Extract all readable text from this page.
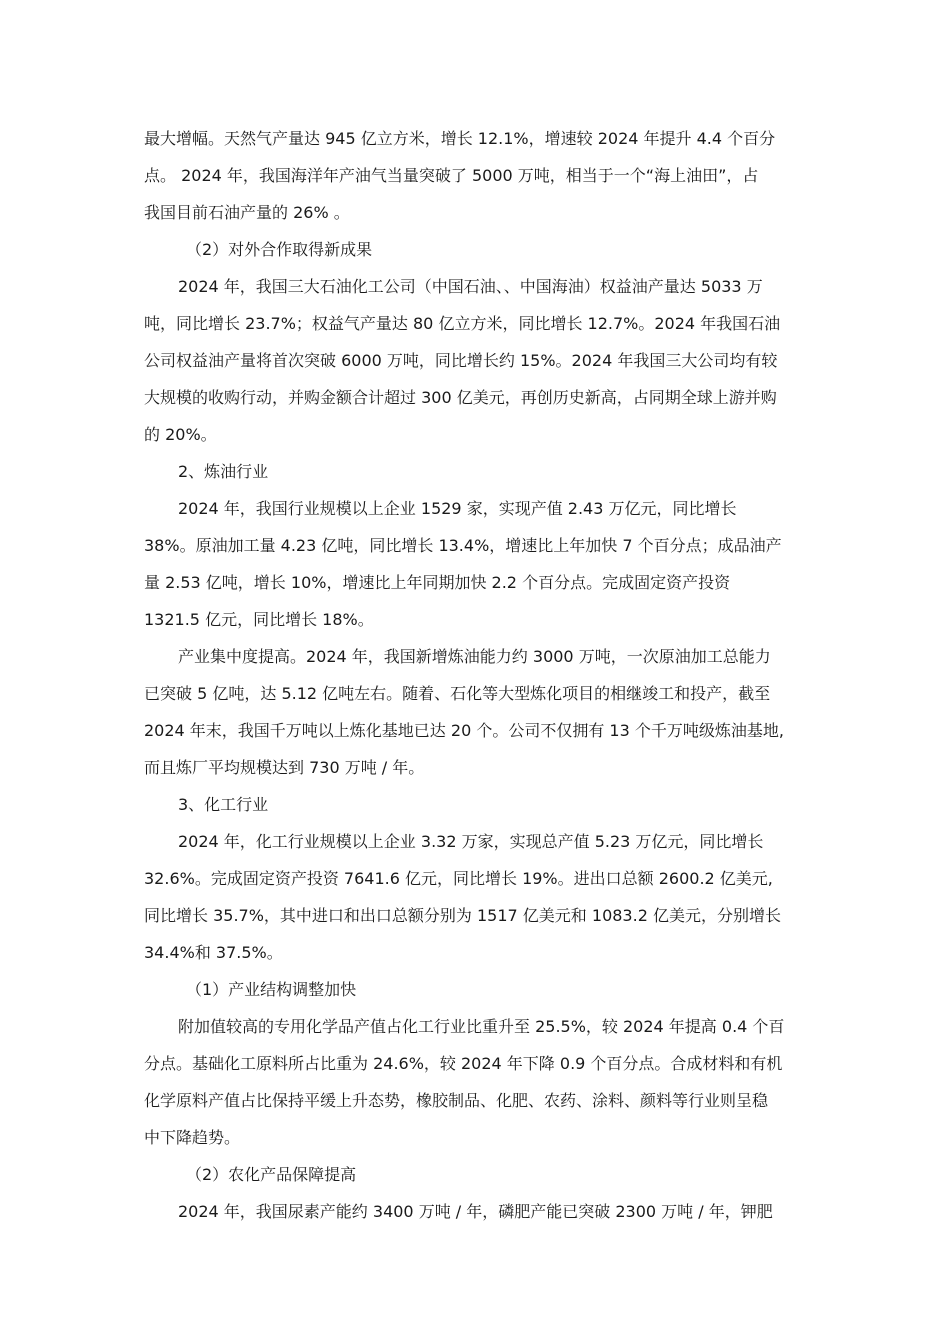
最大增幅。天然气产量达 945 亿立方米，增长 12.1%，增速较 2024 年提升 4.4 个百分
点。 2024 年，我国海洋年产油气当量突破了 5000 万吨，相当于一个“海上油田”，占
我国目前石油产量的 26% 。
（2）对外合作取得新成果
2024 年，我国三大石油化工公司（中国石油、、中国海油）权益油产量达 5033 万
吨，同比增长 23.7%；权益气产量达 80 亿立方米，同比增长 12.7%。2024 年我国石油
公司权益油产量将首次突破 6000 万吨，同比增长约 15%。2024 年我国三大公司均有较
大规模的收购行动，并购金额合计超过 300 亿美元，再创历史新高，占同期全球上游并购
的 20%。
2、炼油行业
2024 年，我国行业规模以上企业 1529 家，实现产值 2.43 万亿元，同比增长
38%。原油加工量 4.23 亿吨，同比增长 13.4%，增速比上年加快 7 个百分点；成品油产
量 2.53 亿吨，增长 10%，增速比上年同期加快 2.2 个百分点。完成固定资产投资
1321.5 亿元，同比增长 18%。
产业集中度提高。2024 年，我国新增炼油能力约 3000 万吨，一次原油加工总能力
已突破 5 亿吨，达 5.12 亿吨左右。随着、石化等大型炼化项目的相继竣工和投产，截至
2024 年末，我国千万吨以上炼化基地已达 20 个。公司不仅拥有 13 个千万吨级炼油基地,
而且炼厂平均规模达到 730 万吨 / 年。
3、化工行业
2024 年，化工行业规模以上企业 3.32 万家，实现总产值 5.23 万亿元，同比增长
32.6%。完成固定资产投资 7641.6 亿元，同比增长 19%。进出口总额 2600.2 亿美元,
同比增长 35.7%，其中进口和出口总额分别为 1517 亿美元和 1083.2 亿美元，分别增长
34.4%和 37.5%。
（1）产业结构调整加快
附加值较高的专用化学品产值占化工行业比重升至 25.5%，较 2024 年提高 0.4 个百
分点。基础化工原料所占比重为 24.6%，较 2024 年下降 0.9 个百分点。合成材料和有机
化学原料产值占比保持平缓上升态势，橡胶制品、化肥、农药、涂料、颜料等行业则呈稳
中下降趋势。
（2）农化产品保障提高
2024 年，我国尿素产能约 3400 万吨 / 年，磷肥产能已突破 2300 万吨 / 年，钾肥
